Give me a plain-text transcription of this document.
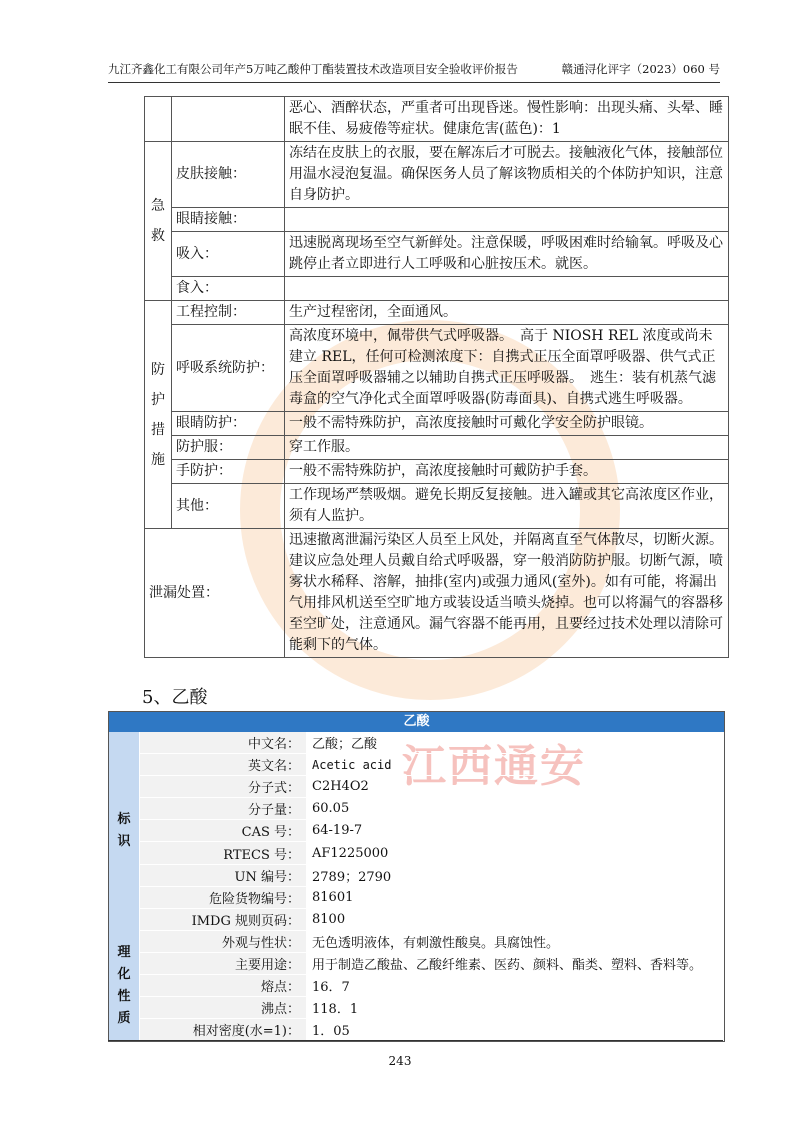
九江齐鑫化工有限公司年产5万吨乙酸仲丁酯装置技术改造项目安全验收评价报告	赣通浔化评字（2023）060 号
江西通安
		恶心、酒醉状态，严重者可出现昏迷。慢性影响：出现头痛、头晕、睡眠不佳、易疲倦等症状。健康危害(蓝色)：1
急救	皮肤接触：	冻结在皮肤上的衣服，要在解冻后才可脱去。接触液化气体，接触部位用温水浸泡复温。确保医务人员了解该物质相关的个体防护知识，注意自身防护。
	眼睛接触：	
	吸入：	迅速脱离现场至空气新鲜处。注意保暖，呼吸困难时给输氧。呼吸及心跳停止者立即进行人工呼吸和心脏按压术。就医。
	食入：	
防护措施	工程控制：	生产过程密闭，全面通风。
	呼吸系统防护：	高浓度环境中，佩带供气式呼吸器。　高于 NIOSH REL 浓度或尚未建立 REL，任何可检测浓度下：自携式正压全面罩呼吸器、供气式正压全面罩呼吸器辅之以辅助自携式正压呼吸器。　逃生：装有机蒸气滤毒盒的空气净化式全面罩呼吸器(防毒面具)、自携式逃生呼吸器。
	眼睛防护：	一般不需特殊防护，高浓度接触时可戴化学安全防护眼镜。
	防护服：	穿工作服。
	手防护：	一般不需特殊防护，高浓度接触时可戴防护手套。
	其他：	工作现场严禁吸烟。避免长期反复接触。进入罐或其它高浓度区作业，须有人监护。
泄漏处置：		迅速撤离泄漏污染区人员至上风处，并隔离直至气体散尽，切断火源。建议应急处理人员戴自给式呼吸器，穿一般消防防护服。切断气源，喷雾状水稀释、溶解，抽排(室内)或强力通风(室外)。如有可能，将漏出气用排风机送至空旷地方或装设适当喷头烧掉。也可以将漏气的容器移至空旷处，注意通风。漏气容器不能再用，且要经过技术处理以清除可能剩下的气体。
5、乙酸
乙酸
标识
中文名： 乙酸；乙酸
英文名：	Acetic acid
分子式： C2H4O2
分子量： 60.05
CAS 号： 64-19-7
RTECS 号： AF1225000
UN 编号： 2789；2790
危险货物编号： 81601
IMDG 规则页码： 8100
理化性质
外观与性状： 无色透明液体，有刺激性酸臭。具腐蚀性。
主要用途： 用于制造乙酸盐、乙酸纤维素、医药、颜料、酯类、塑料、香料等。
熔点： 16．7
沸点： 118．1
相对密度(水=1)： 1．05
243
